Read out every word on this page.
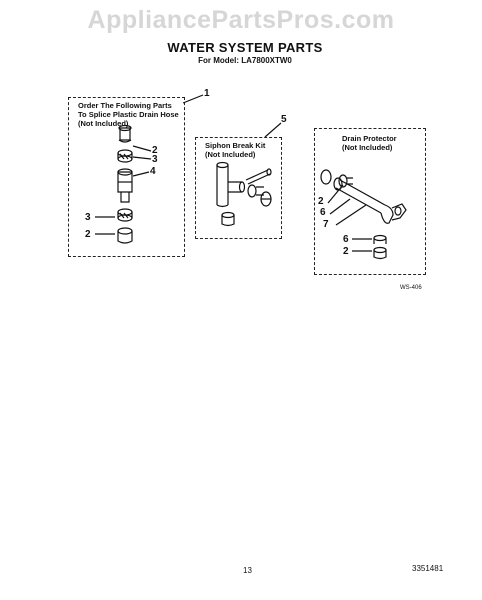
AppliancePartsPros.com
WATER SYSTEM PARTS
For Model: LA7800XTW0
Order The Following Parts
To Splice Plastic Drain Hose
(Not Included)
Siphon Break Kit
(Not Included)
Drain Protector
(Not Included)
1
5
2
3
4
3
2
2
6
7
6
2
WS-406
13	3351481
